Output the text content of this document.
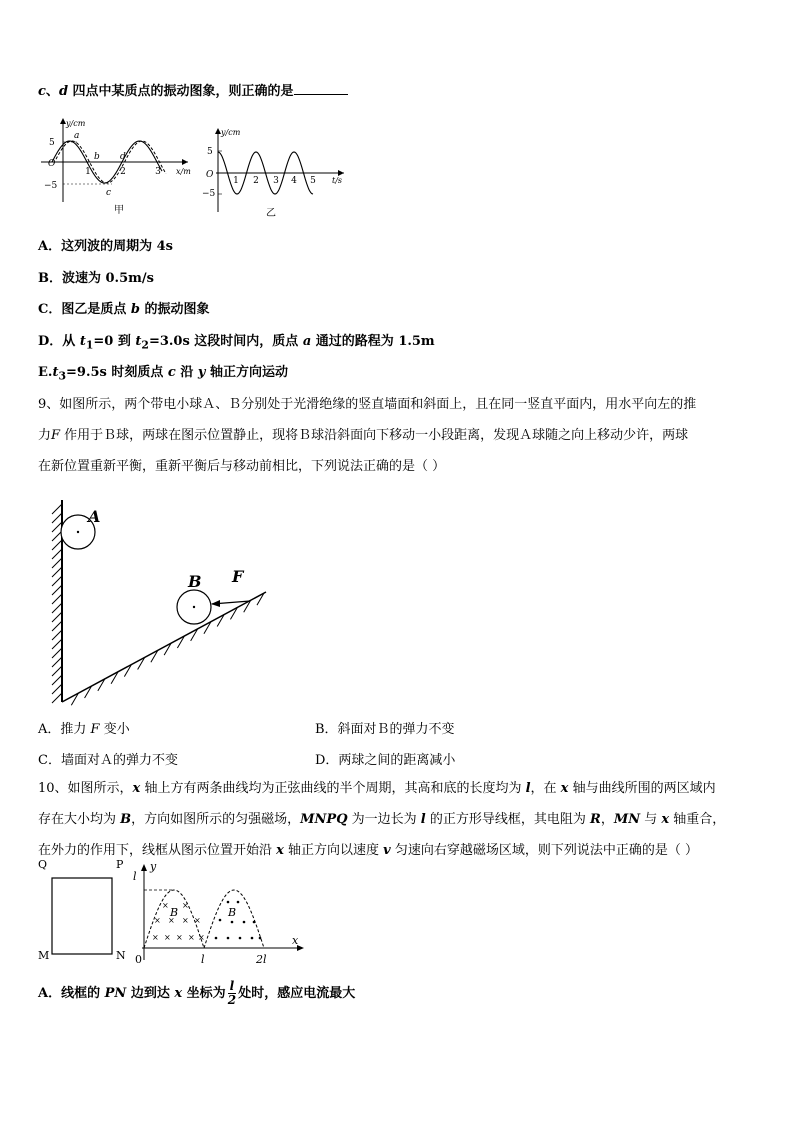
c、d 四点中某质点的振动图象，则正确的是
y/cm
x/m
O
5
−5
1	2	3
a
b
c
d
甲
y/cm
t/s
O
5
−5
1 2 3 4 5
乙
A．这列波的周期为 4s
B．波速为 0.5m/s
C．图乙是质点 b 的振动图象
D．从 $t_1=0$ 到 $t_2=3.0s$ 这段时间内，质点 a 通过的路程为 1.5m
$E.t_3=9.5s$ 时刻质点 c 沿 y 轴正方向运动
9、如图所示，两个带电小球Ａ、Ｂ分别处于光滑绝缘的竖直墙面和斜面上，且在同一竖直平面内，用水平向左的推
力F 作用于Ｂ球，两球在图示位置静止，现将Ｂ球沿斜面向下移动一小段距离，发现Ａ球随之向上移动少许，两球
在新位置重新平衡，重新平衡后与移动前相比，下列说法正确的是（ ）
A
B F
A．推力 F 变小	B．斜面对Ｂ的弹力不变
C．墙面对Ａ的弹力不变	D．两球之间的距离减小
10、如图所示，x 轴上方有两条曲线均为正弦曲线的半个周期，其高和底的长度均为 l，在 x 轴与曲线所围的两区域内
存在大小均为 B，方向如图所示的匀强磁场，MNPQ 为一边长为 l 的正方形导线框，其电阻为 R，MN 与 x 轴重合，
在外力的作用下，线框从图示位置开始沿 x 轴正方向以速度 v 匀速向右穿越磁场区域，则下列说法中正确的是（ ）
Q	P
M	N
y
x
l
0	l	2l
× ×
× × × ×
× × × × ×
B	B
A．线框的 PN 边到达 x 坐标为 $\frac{l}{2}$ 处时，感应电流最大
